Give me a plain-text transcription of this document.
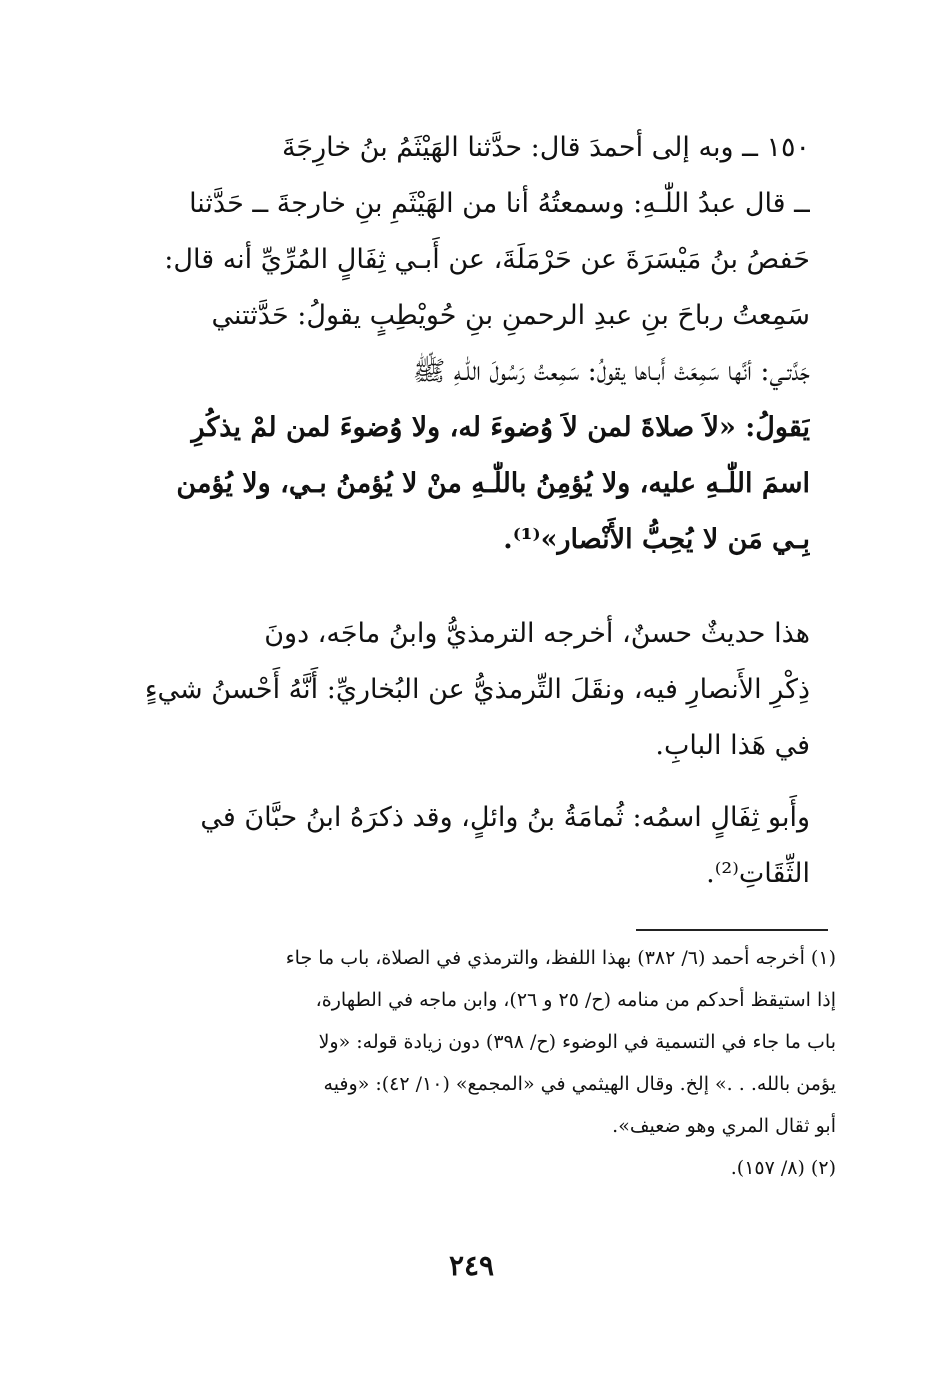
١٥٠ ــ وبه إلى أحمدَ قال: حدَّثنا الهَيْثَمُ بنُ خارِجَةَ
ــ قال عبدُ اللّٰـهِ: وسمعتُهُ أنا من الهَيْثَمِ بنِ خارجةَ ــ حَدَّثنا
حَفصُ بنُ مَيْسَرَةَ عن حَرْمَلَةَ، عن أَبـي ثِفَالٍ المُرِّيِّ أنه قال:
سَمِعتُ رباحَ بنِ عبدِ الرحمنِ بنِ حُويْطِبٍ يقولُ: حَدَّثتني
جَدَّتـي: أنَّها سَمِعَتْ أَبـاها يقولُ: سَمِعتُ رَسُولَ اللّٰـهِ ﷺ
يَقولُ: «لاَ صلاةَ لمن لاَ وُضوءَ له، ولا وُضوءَ لمن لمْ يذكُرِ
اسمَ اللّٰـهِ عليه، ولا يُؤمِنُ باللّٰـهِ منْ لا يُؤمنُ بـي، ولا يُؤمن
بِـي مَن لا يُحِبُّ الأَنْصار»⁽¹⁾.
هذا حديثٌ حسنٌ، أخرجه الترمذيُّ وابنُ ماجَه، دونَ
ذِكْرِ الأَنصارِ فيه، ونقَلَ التِّرمذيُّ عن البُخاريِّ: أَنَّهُ أَحْسنُ شيءٍ
في هَذا البابِ.
وأَبو ثِفَالٍ اسمُه: ثُمامَةُ بنُ وائلٍ، وقد ذكرَهُ ابنُ حبَّانَ في
الثِّقَاتِ⁽²⁾.
(١) أخرجه أحمد (٦/ ٣٨٢) بهذا اللفظ، والترمذي في الصلاة، باب ما جاء
إذا استيقظ أحدكم من منامه (ح/ ٢٥ و ٢٦)، وابن ماجه في الطهارة،
باب ما جاء في التسمية في الوضوء (ح/ ٣٩٨) دون زيادة قوله: «ولا
يؤمن بالله. . .» إلخ. وقال الهيثمي في «المجمع» (١٠/ ٤٢): «وفيه
أبو ثقال المري وهو ضعيف».
(٢) (٨/ ١٥٧).
٢٤٩
